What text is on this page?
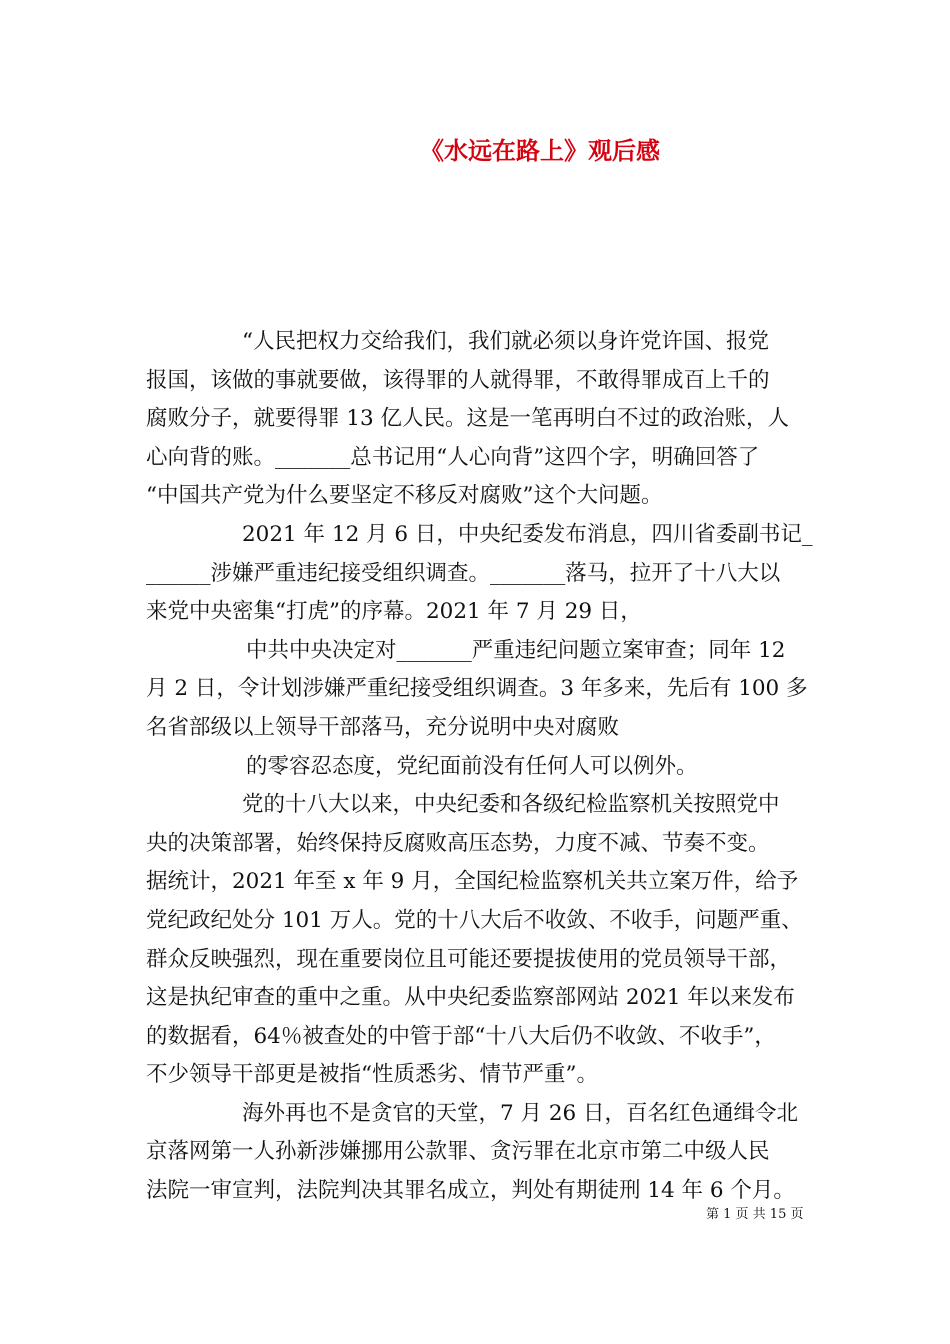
《水远在路上》观后感
“人民把权力交给我们，我们就必须以身许党许国、报党
报国，该做的事就要做，该得罪的人就得罪，不敢得罪成百上千的
腐败分子，就要得罪 13 亿人民。这是一笔再明白不过的政治账，人
心向背的账。_______总书记用“人心向背”这四个字，明确回答了
“中国共产党为什么要坚定不移反对腐败”这个大问题。
2021 年 12 月 6 日，中央纪委发布消息，四川省委副书记_
______涉嫌严重违纪接受组织调查。_______落马，拉开了十八大以
来党中央密集“打虎”的序幕。2021 年 7 月 29 日，
中共中央决定对_______严重违纪问题立案审查；同年 12
月 2 日，令计划涉嫌严重纪接受组织调查。3 年多来，先后有 100 多
名省部级以上领导干部落马，充分说明中央对腐败
的零容忍态度，党纪面前没有任何人可以例外。
党的十八大以来，中央纪委和各级纪检监察机关按照党中
央的决策部署，始终保持反腐败高压态势，力度不减、节奏不变。
据统计，2021 年至 x 年 9 月，全国纪检监察机关共立案万件，给予
党纪政纪处分 101 万人。党的十八大后不收敛、不收手，问题严重、
群众反映强烈，现在重要岗位且可能还要提拔使用的党员领导干部，
这是执纪审查的重中之重。从中央纪委监察部网站 2021 年以来发布
的数据看，64％被查处的中管于部“十八大后仍不收敛、不收手”，
不少领导干部更是被指“性质悉劣、情节严重”。
海外再也不是贪官的天堂，7 月 26 日，百名红色通缉令北
京落网第一人孙新涉嫌挪用公款罪、贪污罪在北京市第二中级人民
法院一审宣判，法院判决其罪名成立，判处有期徒刑 14 年 6 个月。
第 1 页 共 15 页
